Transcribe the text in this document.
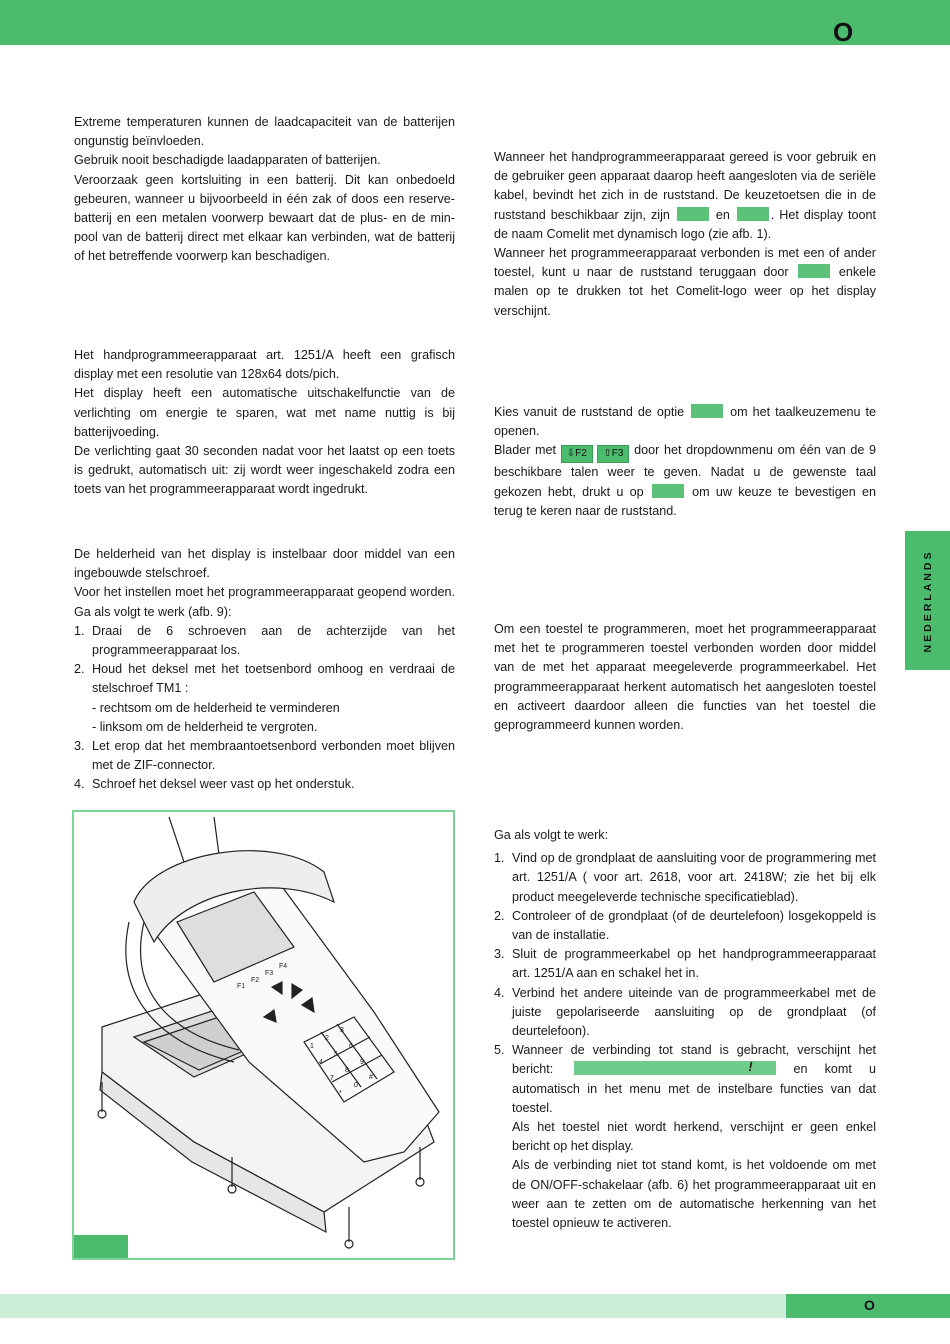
O

Extreme temperaturen kunnen de laadcapaciteit van de batterijen ongunstig beïnvloeden.

Gebruik nooit beschadigde laadapparaten of batterijen.

Veroorzaak geen kortsluiting in een batterij. Dit kan onbedoeld gebeuren, wanneer u bijvoorbeeld in één zak of doos een reserve-batterij en een metalen voorwerp bewaart dat de plus- en de min-pool van de batterij direct met elkaar kan verbinden, wat de batterij of het betreffende voorwerp kan beschadigen.

Het handprogrammeerapparaat art. 1251/A heeft een grafisch display met een resolutie van 128x64 dots/pich.

Het display heeft een automatische uitschakelfunctie van de verlichting om energie te sparen, wat met name nuttig is bij batterijvoeding.

De verlichting gaat 30 seconden nadat voor het laatst op een toets is gedrukt, automatisch uit: zij wordt weer ingeschakeld zodra een toets van het programmeerapparaat wordt ingedrukt.

De helderheid van het display is instelbaar door middel van een ingebouwde stelschroef.

Voor het instellen moet het programmeerapparaat geopend worden. Ga als volgt te werk (afb. 9):

1. Draai de 6 schroeven aan de achterzijde van het programmeerapparaat los.
2. Houd het deksel met het toetsenbord omhoog en verdraai de stelschroef TM1 :
- rechtsom om de helderheid te verminderen
- linksom om de helderheid te vergroten.
3. Let erop dat het membraantoetsenbord verbonden moet blijven met de ZIF-connector.
4. Schroef het deksel weer vast op het onderstuk.
F1
F2
F3
F4
1
2
3
4
5
6
7
8
9
*
0
#

Wanneer het handprogrammeerapparaat gereed is voor gebruik en de gebruiker geen apparaat daarop heeft aangesloten via de seriële kabel, bevindt het zich in de ruststand. De keuzetoetsen die in de ruststand beschikbaar zijn, zijn	en	. Het display toont de naam Comelit met dynamisch logo (zie afb. 1).

Wanneer het programmeerapparaat verbonden is met een of ander toestel, kunt u naar de ruststand teruggaan door	enkele malen op te drukken tot het Comelit-logo weer op het display verschijnt.

Kies vanuit de ruststand de optie	om het taalkeuzemenu te openen.

Blader met ⇩F2 ⇧F3 door het dropdownmenu om één van de 9 beschikbare talen weer te geven. Nadat u de gewenste taal gekozen hebt, drukt u op	om uw keuze te bevestigen en terug te keren naar de ruststand.

Om een toestel te programmeren, moet het programmeerapparaat met het te programmeren toestel verbonden worden door middel van de met het apparaat meegeleverde programmeerkabel. Het programmeerapparaat herkent automatisch het aangesloten toestel en activeert daardoor alleen die functies van het toestel die geprogrammeerd kunnen worden.

Ga als volgt te werk:

1. Vind op de grondplaat de aansluiting voor de programmering met art. 1251/A ( voor art. 2618, voor art. 2418W; zie het bij elk product meegeleverde technische specificatieblad).
2. Controleer of de grondplaat (of de deurtelefoon) losgekoppeld is van de installatie.
3. Sluit de programmeerkabel op het handprogrammeerapparaat art. 1251/A aan en schakel het in.
4. Verbind het andere uiteinde van de programmeerkabel met de juiste gepolariseerde aansluiting op de grondplaat (of deurtelefoon).
5. Wanneer de verbinding tot stand is gebracht, verschijnt het bericht:	!	en komt u automatisch in het menu met de instelbare functies van dat toestel.
Als het toestel niet wordt herkend, verschijnt er geen enkel bericht op het display.
Als de verbinding niet tot stand komt, is het voldoende om met de ON/OFF-schakelaar (afb. 6) het programmeerapparaat uit en weer aan te zetten om de automatische herkenning van het toestel opnieuw te activeren.
NEDERLANDS
O
